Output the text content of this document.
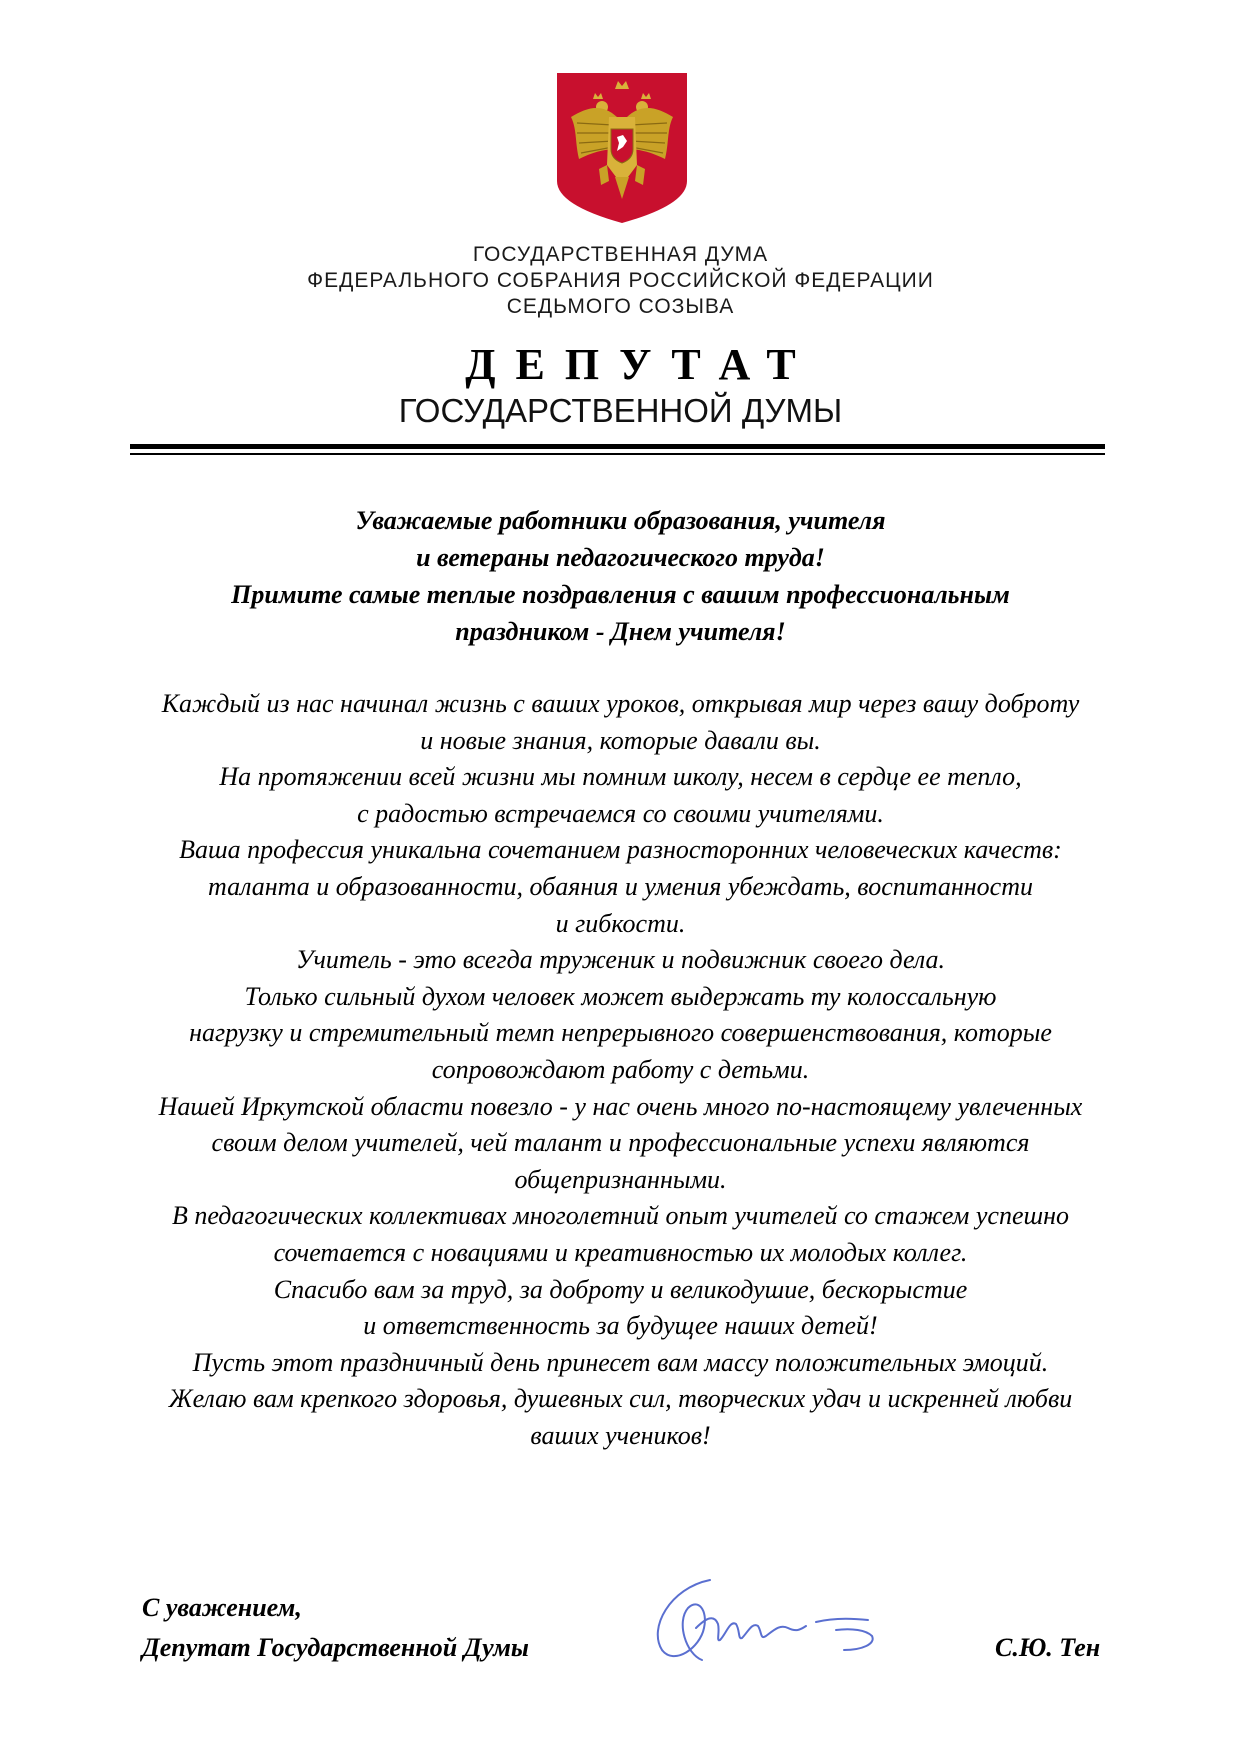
ГОСУДАРСТВЕННАЯ ДУМА
ФЕДЕРАЛЬНОГО СОБРАНИЯ РОССИЙСКОЙ ФЕДЕРАЦИИ
СЕДЬМОГО СОЗЫВА
ДЕПУТАТ
ГОСУДАРСТВЕННОЙ ДУМЫ
Уважаемые работники образования, учителя
и ветераны педагогического труда!
Примите самые теплые поздравления с вашим профессиональным
праздником - Днем учителя!
Каждый из нас начинал жизнь с ваших уроков, открывая мир через вашу доброту
и новые знания, которые давали вы.
На протяжении всей жизни мы помним школу, несем в сердце ее тепло,
с радостью встречаемся со своими учителями.
Ваша профессия уникальна сочетанием разносторонних человеческих качеств:
таланта и образованности, обаяния и умения убеждать, воспитанности
и гибкости.
Учитель - это всегда труженик и подвижник своего дела.
Только сильный духом человек может выдержать ту колоссальную
нагрузку и стремительный темп непрерывного совершенствования, которые
сопровождают работу с детьми.
Нашей Иркутской области повезло - у нас очень много по-настоящему увлеченных
своим делом учителей, чей талант и профессиональные успехи являются
общепризнанными.
В педагогических коллективах многолетний опыт учителей со стажем успешно
сочетается с новациями и креативностью их молодых коллег.
Спасибо вам за труд, за доброту и великодушие, бескорыстие
и ответственность за будущее наших детей!
Пусть этот праздничный день принесет вам массу положительных эмоций.
Желаю вам крепкого здоровья, душевных сил, творческих удач и искренней любви
ваших учеников!
С уважением,
Депутат Государственной Думы	С.Ю. Тен
